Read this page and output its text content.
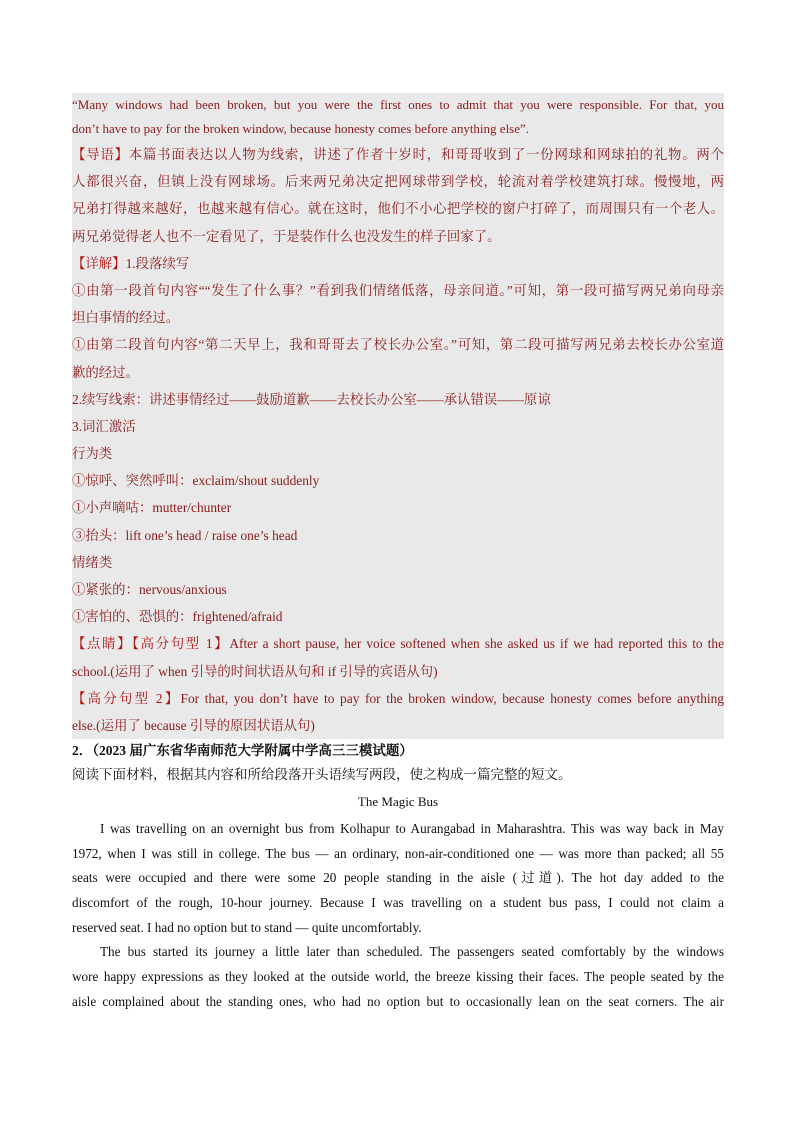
“Many windows had been broken, but you were the first ones to admit that you were responsible. For that, you
don’t have to pay for the broken window, because honesty comes before anything else”.
【导语】本篇书面表达以人物为线索，讲述了作者十岁时，和哥哥收到了一份网球和网球拍的礼物。两个
人都很兴奋，但镇上没有网球场。后来两兄弟决定把网球带到学校，轮流对着学校建筑打球。慢慢地，两
兄弟打得越来越好，也越来越有信心。就在这时，他们不小心把学校的窗户打碎了，而周围只有一个老人。
两兄弟觉得老人也不一定看见了，于是装作什么也没发生的样子回家了。
【详解】1.段落续写
①由第一段首句内容““发生了什么事？”看到我们情绪低落，母亲问道。”可知，第一段可描写两兄弟向母亲
坦白事情的经过。
①由第二段首句内容“第二天早上，我和哥哥去了校长办公室。”可知，第二段可描写两兄弟去校长办公室道
歉的经过。
2.续写线索：讲述事情经过——鼓励道歉——去校长办公室——承认错误——原谅
3.词汇激活
行为类
①惊呼、突然呼叫：exclaim/shout suddenly
①小声嘀咕：mutter/chunter
③抬头：lift one’s head / raise one’s head
情绪类
①紧张的：nervous/anxious
①害怕的、恐惧的：frightened/afraid
【点睛】【高分句型 1】After a short pause, her voice softened when she asked us if we had reported this to the
school.(运用了 when 引导的时间状语从句和 if 引导的宾语从句)
【高分句型 2】For that, you don’t have to pay for the broken window, because honesty comes before anything
else.(运用了 because 引导的原因状语从句)
2．（2023 届广东省华南师范大学附属中学高三三模试题）
阅读下面材料，根据其内容和所给段落开头语续写两段，使之构成一篇完整的短文。
The Magic Bus
I was travelling on an overnight bus from Kolhapur to Aurangabad in Maharashtra. This was way back in May
1972, when I was still in college. The bus — an ordinary, non-air-conditioned one — was more than packed; all 55
seats were occupied and there were some 20 people standing in the aisle (过道). The hot day added to the
discomfort of the rough, 10-hour journey. Because I was travelling on a student bus pass, I could not claim a
reserved seat. I had no option but to stand — quite uncomfortably.
The bus started its journey a little later than scheduled. The passengers seated comfortably by the windows
wore happy expressions as they looked at the outside world, the breeze kissing their faces. The people seated by the
aisle complained about the standing ones, who had no option but to occasionally lean on the seat corners. The air
